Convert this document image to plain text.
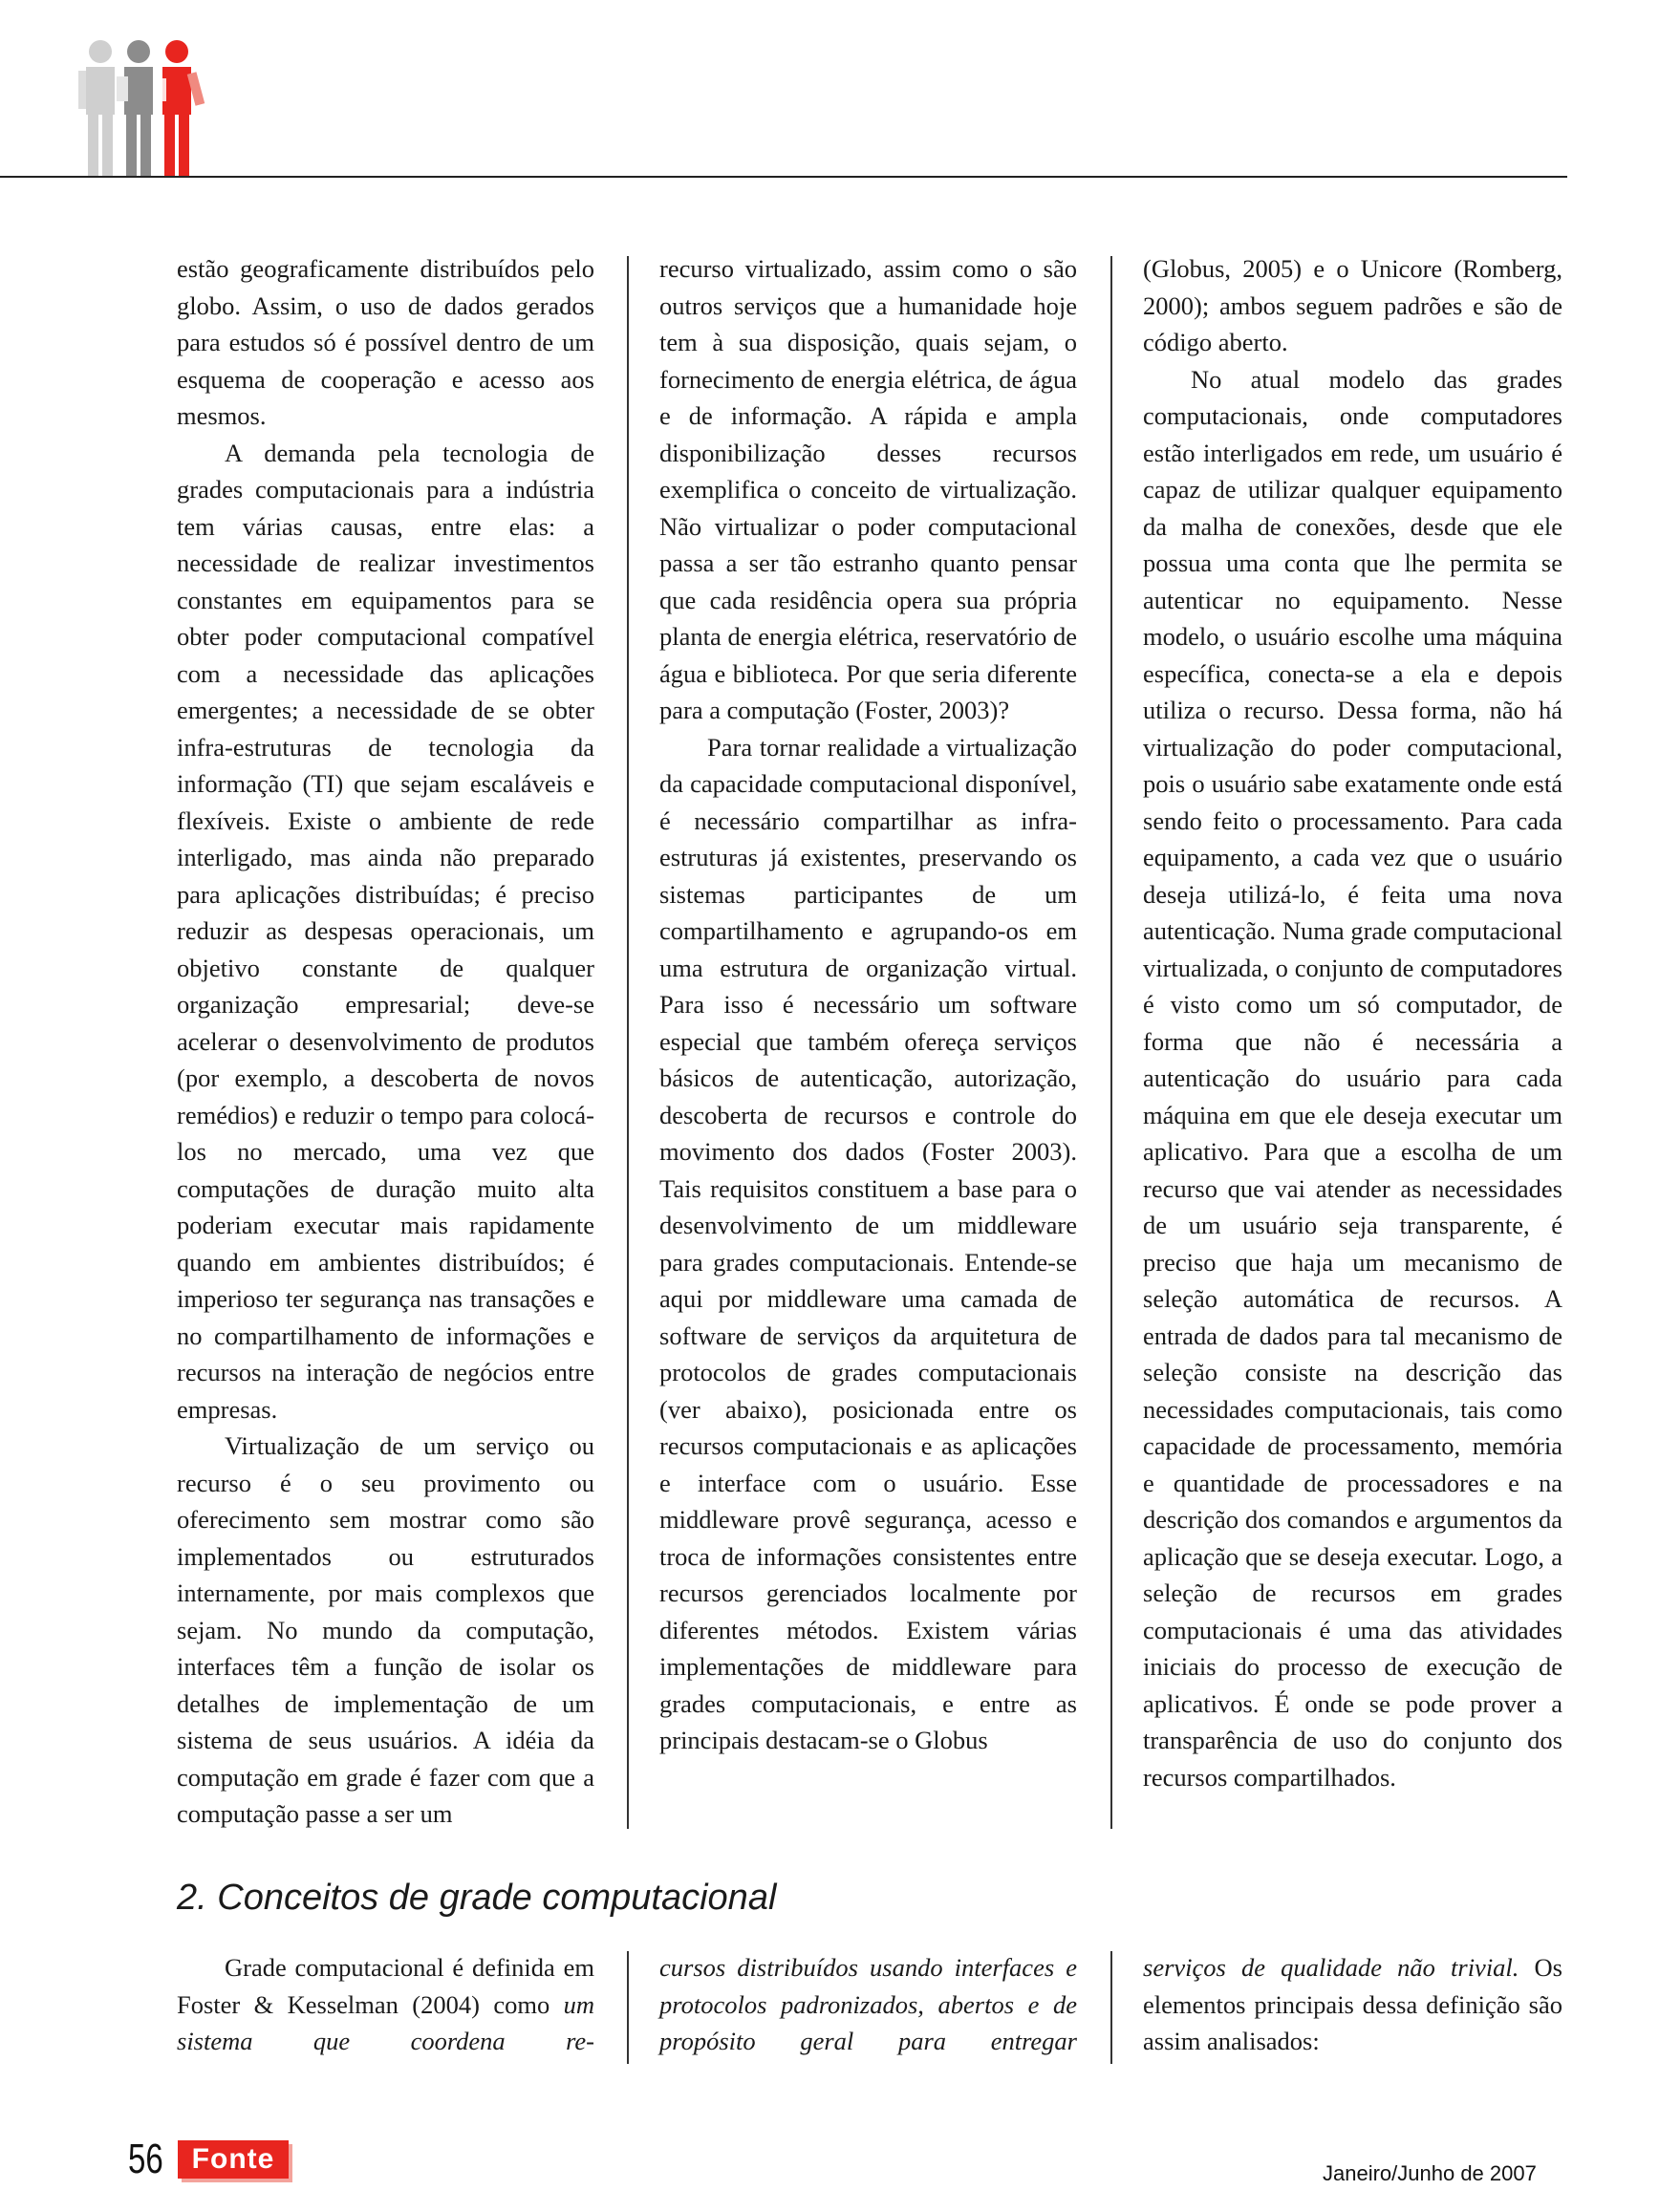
estão geograficamente distribuídos pelo globo. Assim, o uso de dados gerados para estudos só é possível dentro de um esquema de cooperação e acesso aos mesmos.

A demanda pela tecnologia de grades computacionais para a indústria tem várias causas, entre elas: a necessidade de realizar investimentos constantes em equipamentos para se obter poder computacional compatível com a necessidade das aplicações emergentes; a necessidade de se obter infra-estruturas de tecnologia da informação (TI) que sejam escaláveis e flexíveis. Existe o ambiente de rede interligado, mas ainda não preparado para aplicações distribuídas; é preciso reduzir as despesas operacionais, um objetivo constante de qualquer organização empresarial; deve-se acelerar o desenvolvimento de produtos (por exemplo, a descoberta de novos remédios) e reduzir o tempo para colocá-los no mercado, uma vez que computações de duração muito alta poderiam executar mais rapidamente quando em ambientes distribuídos; é imperioso ter segurança nas transações e no compartilhamento de informações e recursos na interação de negócios entre empresas.

Virtualização de um serviço ou recurso é o seu provimento ou oferecimento sem mostrar como são implementados ou estruturados internamente, por mais complexos que sejam. No mundo da computação, interfaces têm a função de isolar os detalhes de implementação de um sistema de seus usuários. A idéia da computação em grade é fazer com que a computação passe a ser um

recurso virtualizado, assim como o são outros serviços que a humanidade hoje tem à sua disposição, quais sejam, o fornecimento de energia elétrica, de água e de informação. A rápida e ampla disponibilização desses recursos exemplifica o conceito de virtualização. Não virtualizar o poder computacional passa a ser tão estranho quanto pensar que cada residência opera sua própria planta de energia elétrica, reservatório de água e biblioteca. Por que seria diferente para a computação (Foster, 2003)?

Para tornar realidade a virtualização da capacidade computacional disponível, é necessário compartilhar as infra-estruturas já existentes, preservando os sistemas participantes de um compartilhamento e agrupando-os em uma estrutura de organização virtual. Para isso é necessário um software especial que também ofereça serviços básicos de autenticação, autorização, descoberta de recursos e controle do movimento dos dados (Foster 2003). Tais requisitos constituem a base para o desenvolvimento de um middleware para grades computacionais. Entende-se aqui por middleware uma camada de software de serviços da arquitetura de protocolos de grades computacionais (ver abaixo), posicionada entre os recursos computacionais e as aplicações e interface com o usuário. Esse middleware provê segurança, acesso e troca de informações consistentes entre recursos gerenciados localmente por diferentes métodos. Existem várias implementações de middleware para grades computacionais, e entre as principais destacam-se o Globus

(Globus, 2005) e o Unicore (Romberg, 2000); ambos seguem padrões e são de código aberto.

No atual modelo das grades computacionais, onde computadores estão interligados em rede, um usuário é capaz de utilizar qualquer equipamento da malha de conexões, desde que ele possua uma conta que lhe permita se autenticar no equipamento. Nesse modelo, o usuário escolhe uma máquina específica, conecta-se a ela e depois utiliza o recurso. Dessa forma, não há virtualização do poder computacional, pois o usuário sabe exatamente onde está sendo feito o processamento. Para cada equipamento, a cada vez que o usuário deseja utilizá-lo, é feita uma nova autenticação. Numa grade computacional virtualizada, o conjunto de computadores é visto como um só computador, de forma que não é necessária a autenticação do usuário para cada máquina em que ele deseja executar um aplicativo. Para que a escolha de um recurso que vai atender as necessidades de um usuário seja transparente, é preciso que haja um mecanismo de seleção automática de recursos. A entrada de dados para tal mecanismo de seleção consiste na descrição das necessidades computacionais, tais como capacidade de processamento, memória e quantidade de processadores e na descrição dos comandos e argumentos da aplicação que se deseja executar. Logo, a seleção de recursos em grades computacionais é uma das atividades iniciais do processo de execução de aplicativos. É onde se pode prover a transparência de uso do conjunto dos recursos compartilhados.

2. Conceitos de grade computacional

Grade computacional é definida em Foster & Kesselman (2004) como um sistema que coordena re-

cursos distribuídos usando interfaces e protocolos padronizados, abertos e de propósito geral para entregar

serviços de qualidade não trivial. Os elementos principais dessa definição são assim analisados:

56 Fonte	Janeiro/Junho de 2007
